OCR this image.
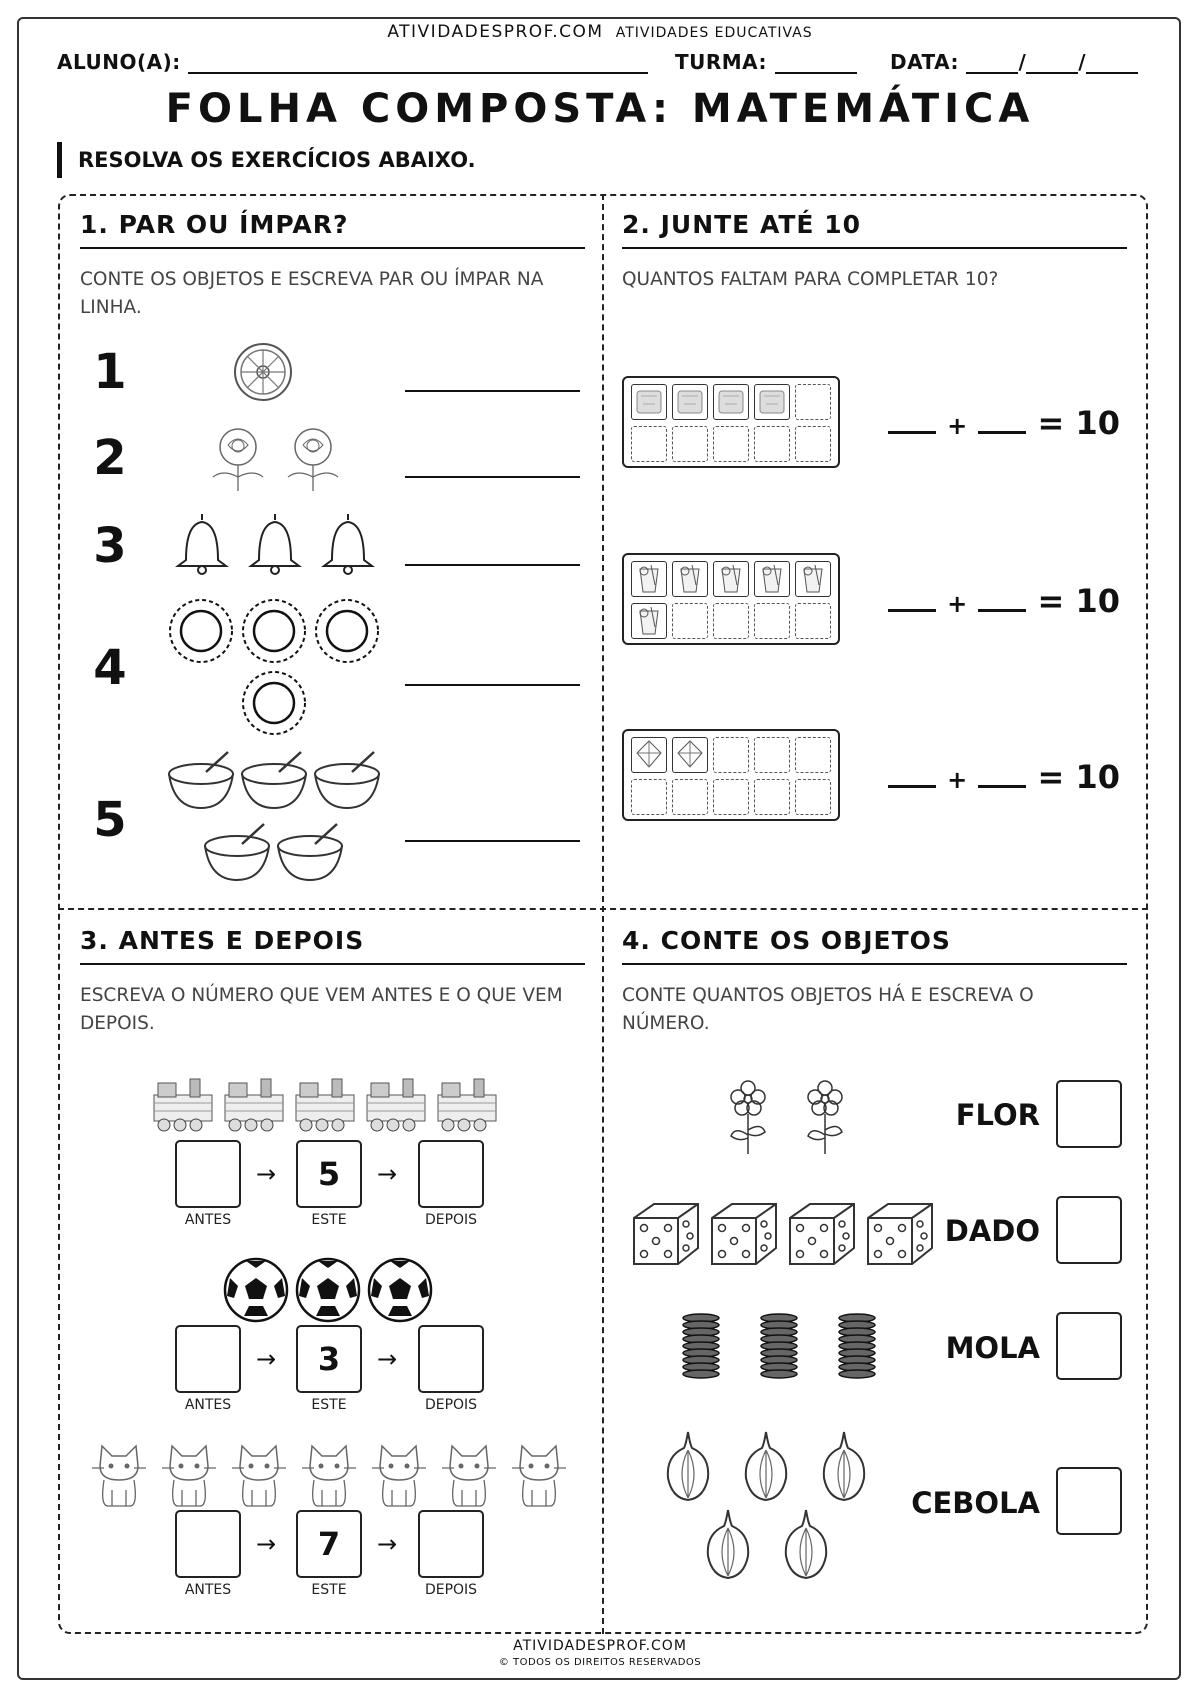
ATIVIDADESPROF.COM ATIVIDADES EDUCATIVAS
ALUNO(A):	TURMA:	DATA:	/	/
FOLHA COMPOSTA: MATEMÁTICA
RESOLVA OS EXERCÍCIOS ABAIXO.
1. PAR OU ÍMPAR?
CONTE OS OBJETOS E ESCREVA PAR OU ÍMPAR NA LINHA.
1
2
3
4
5
2. JUNTE ATÉ 10
QUANTOS FALTAM PARA COMPLETAR 10?
+ = 10
+ = 10
+ = 10
3. ANTES E DEPOIS
ESCREVA O NÚMERO QUE VEM ANTES E O QUE VEM DEPOIS.
→	5	→
ANTES	ESTE	DEPOIS
→	3	→
ANTES	ESTE	DEPOIS
→	7	→
ANTES	ESTE	DEPOIS
4. CONTE OS OBJETOS
CONTE QUANTOS OBJETOS HÁ E ESCREVA O NÚMERO.
FLOR
DADO
MOLA
CEBOLA
ATIVIDADESPROF.COM
© TODOS OS DIREITOS RESERVADOS
